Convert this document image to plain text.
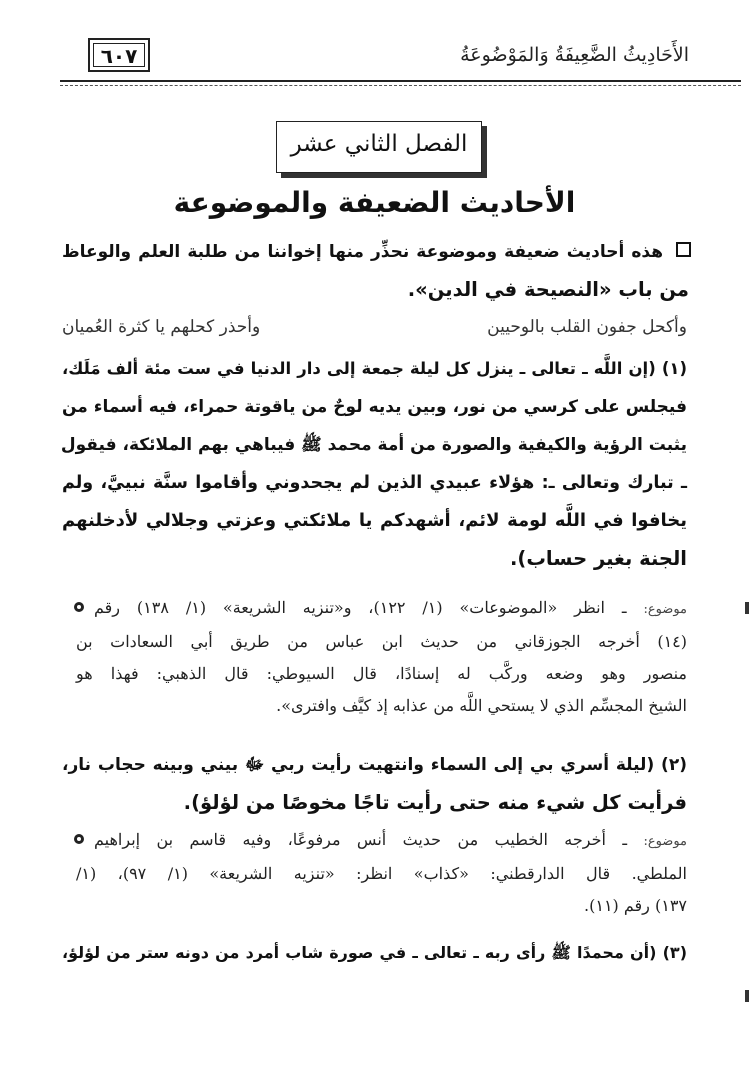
الأَحَادِيثُ الضَّعِيفَةُ وَالمَوْضُوعَةُ
٦٠٧
الفصل الثاني عشر
الأحاديث الضعيفة والموضوعة
هذه أحاديث ضعيفة وموضوعة نحذِّر منها إخواننا من طلبة العلم والوعاظ
من باب «النصيحة في الدين».
وأكحل جفون القلب بالوحيين
وأحذر كحلهم يا كثرة العُميان
(١) (إن اللَّه ـ تعالى ـ ينزل كل ليلة جمعة إلى دار الدنيا في ست مئة ألف مَلَك،
فيجلس على كرسي من نور، وبين يديه لوحٌ من ياقوتة حمراء، فيه أسماء من
يثبت الرؤية والكيفية والصورة من أمة محمد ﷺ فيباهي بهم الملائكة، فيقول
ـ تبارك وتعالى ـ: هؤلاء عبيدي الذين لم يجحدوني وأقاموا سنَّة نبييَّ، ولم
يخافوا في اللَّه لومة لائم، أشهدكم يا ملائكتي وعزتي وجلالي لأدخلنهم
الجنة بغير حساب).
موضوع: ـ انظر «الموضوعات» (١/ ١٢٢)، و«تنزيه الشريعة» (١/ ١٣٨) رقم
(١٤) أخرجه الجوزقاني من حديث ابن عباس من طريق أبي السعادات بن
منصور وهو وضعه وركَّب له إسنادًا، قال السيوطي: قال الذهبي: فهذا هو
الشيخ المجسِّم الذي لا يستحي اللَّه من عذابه إذ كيَّف وافترى».
(٢) (ليلة أسري بي إلى السماء وانتهيت رأيت ربي ﷻ بيني وبينه حجاب نار،
فرأيت كل شيء منه حتى رأيت تاجًا مخوصًا من لؤلؤ).
موضوع: ـ أخرجه الخطيب من حديث أنس مرفوعًا، وفيه قاسم بن إبراهيم
الملطي. قال الدارقطني: «كذاب» انظر: «تنزيه الشريعة» (١/ ٩٧)، (١/
١٣٧) رقم (١١).
(٣) (أن محمدًا ﷺ رأى ربه ـ تعالى ـ في صورة شاب أمرد من دونه ستر من لؤلؤ،
